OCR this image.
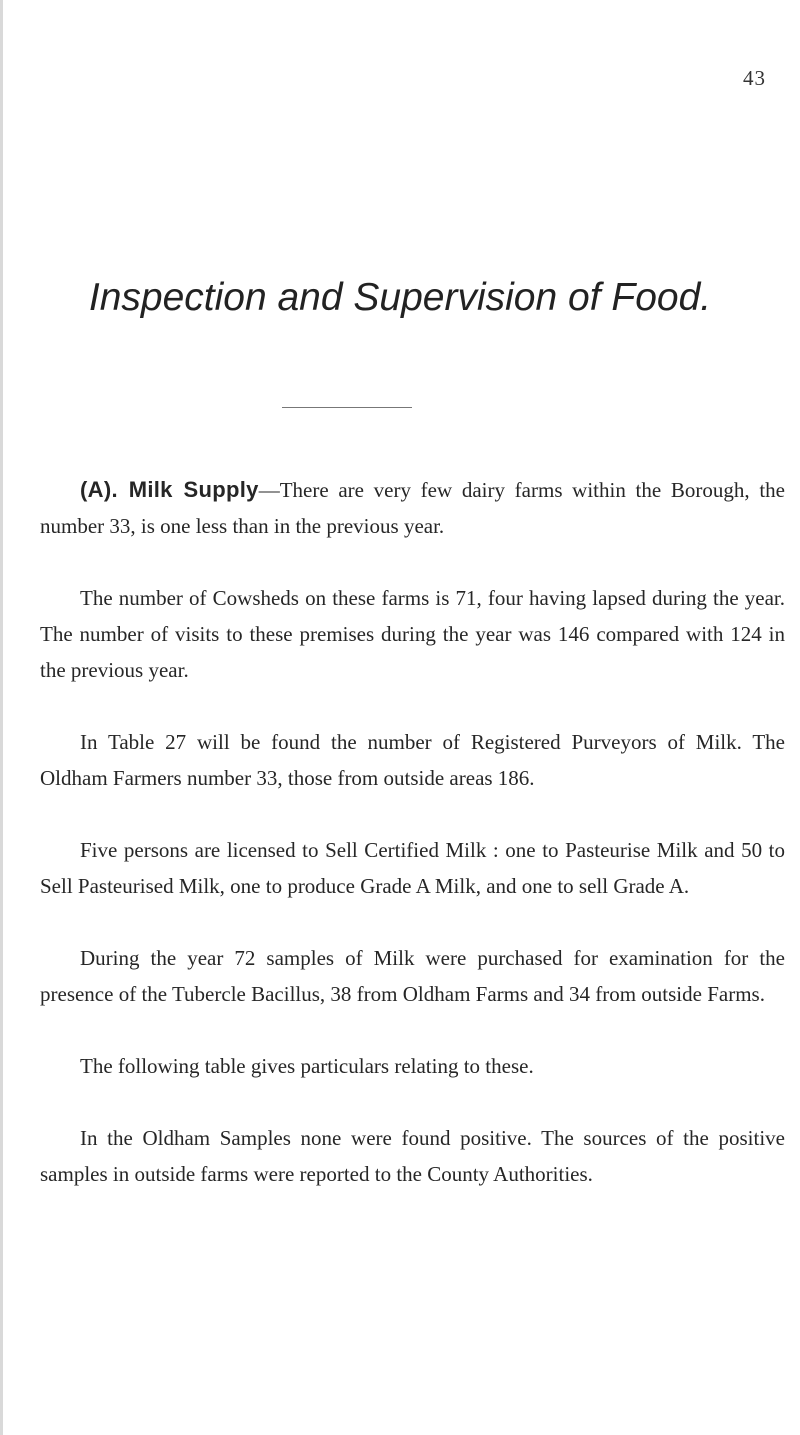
43
Inspection and Supervision of Food.

(A). Milk Supply—There are very few dairy farms within the Borough, the number 33, is one less than in the previous year.

The number of Cowsheds on these farms is 71, four having lapsed during the year. The number of visits to these premises during the year was 146 compared with 124 in the previous year.

In Table 27 will be found the number of Registered Purveyors of Milk. The Oldham Farmers number 33, those from outside areas 186.

Five persons are licensed to Sell Certified Milk : one to Pasteurise Milk and 50 to Sell Pasteurised Milk, one to produce Grade A Milk, and one to sell Grade A.

During the year 72 samples of Milk were purchased for examination for the presence of the Tubercle Bacillus, 38 from Oldham Farms and 34 from outside Farms.

The following table gives particulars relating to these.

In the Oldham Samples none were found positive. The sources of the positive samples in outside farms were reported to the County Authorities.
